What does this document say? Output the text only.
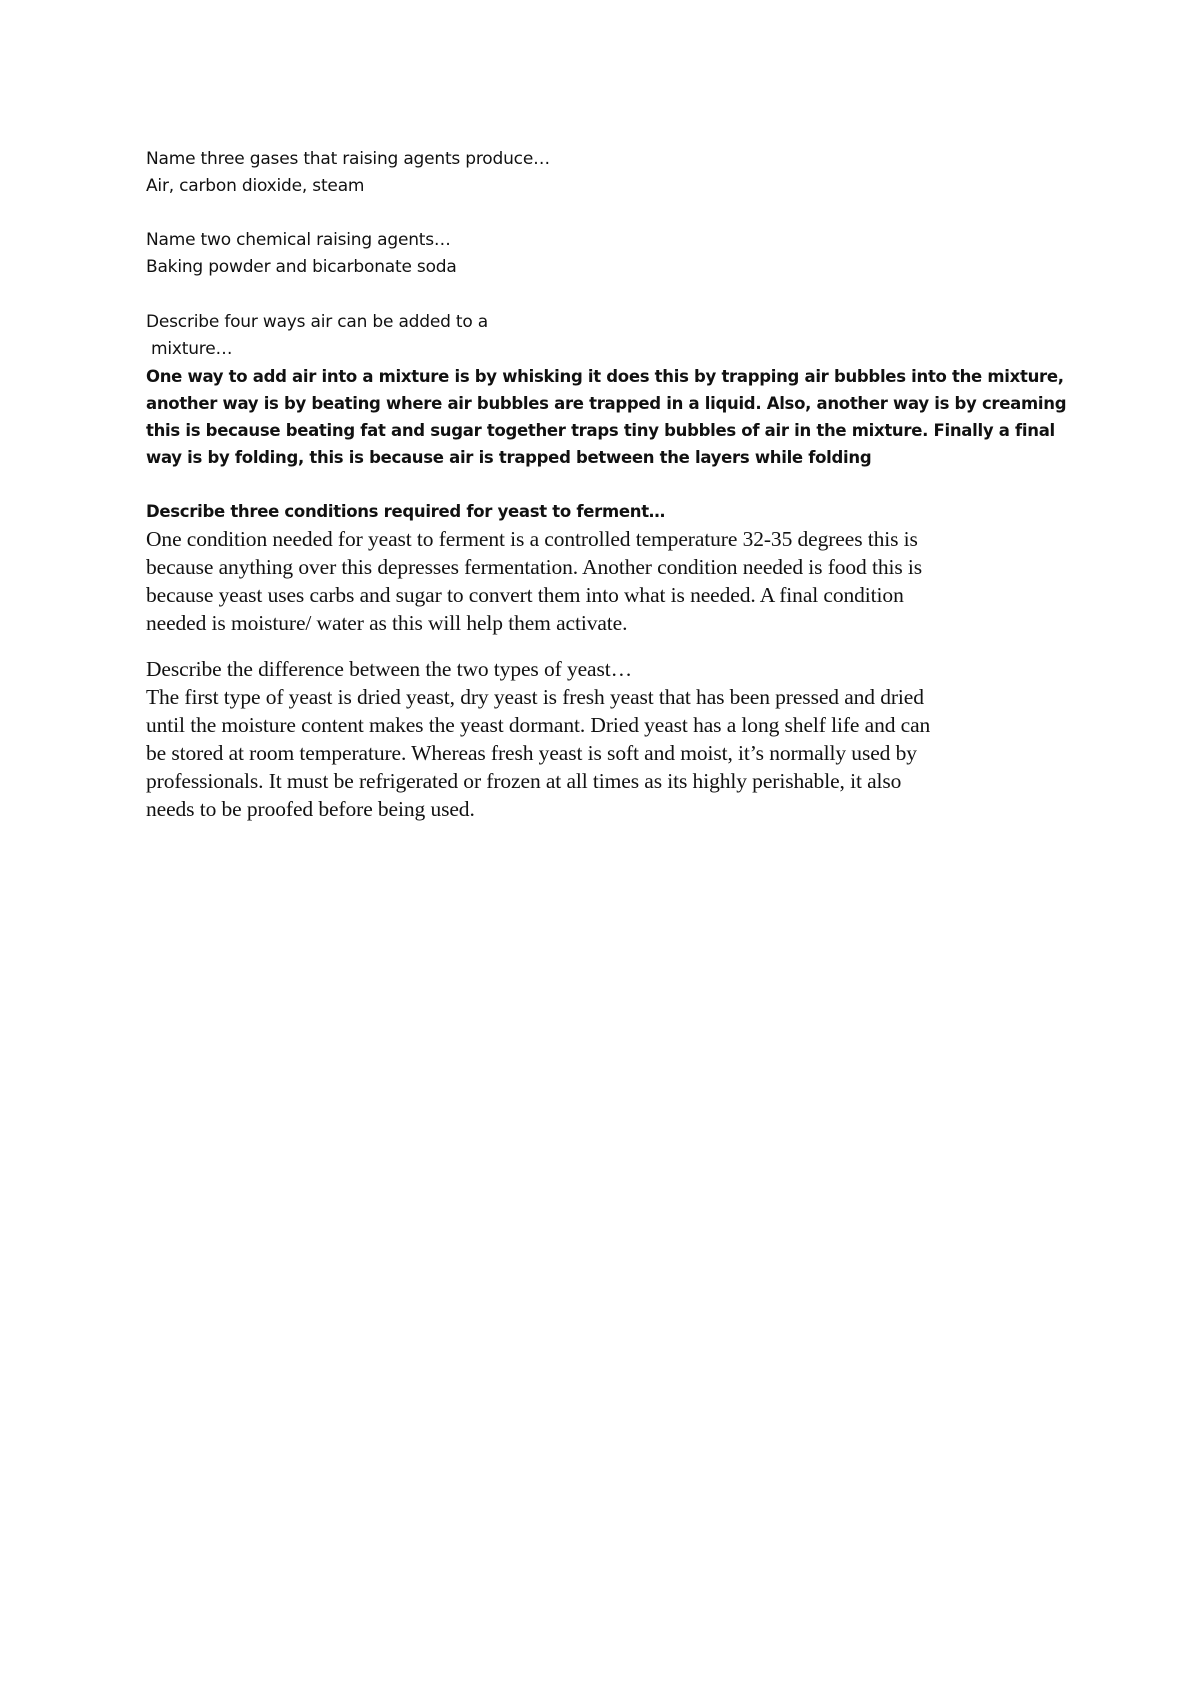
Name three gases that raising agents produce…
Air, carbon dioxide, steam
Name two chemical raising agents…
Baking powder and bicarbonate soda
Describe four ways air can be added to a
mixture…
One way to add air into a mixture is by whisking it does this by trapping air bubbles into the mixture,
another way is by beating where air bubbles are trapped in a liquid. Also, another way is by creaming
this is because beating fat and sugar together traps tiny bubbles of air in the mixture. Finally a final
way is by folding, this is because air is trapped between the layers while folding
Describe three conditions required for yeast to ferment…
One condition needed for yeast to ferment is a controlled temperature 32-35 degrees this is
because anything over this depresses fermentation. Another condition needed is food this is
because yeast uses carbs and sugar to convert them into what is needed. A final condition
needed is moisture/ water as this will help them activate.
Describe the difference between the two types of yeast…
The first type of yeast is dried yeast, dry yeast is fresh yeast that has been pressed and dried
until the moisture content makes the yeast dormant. Dried yeast has a long shelf life and can
be stored at room temperature. Whereas fresh yeast is soft and moist, it’s normally used by
professionals. It must be refrigerated or frozen at all times as its highly perishable, it also
needs to be proofed before being used.
